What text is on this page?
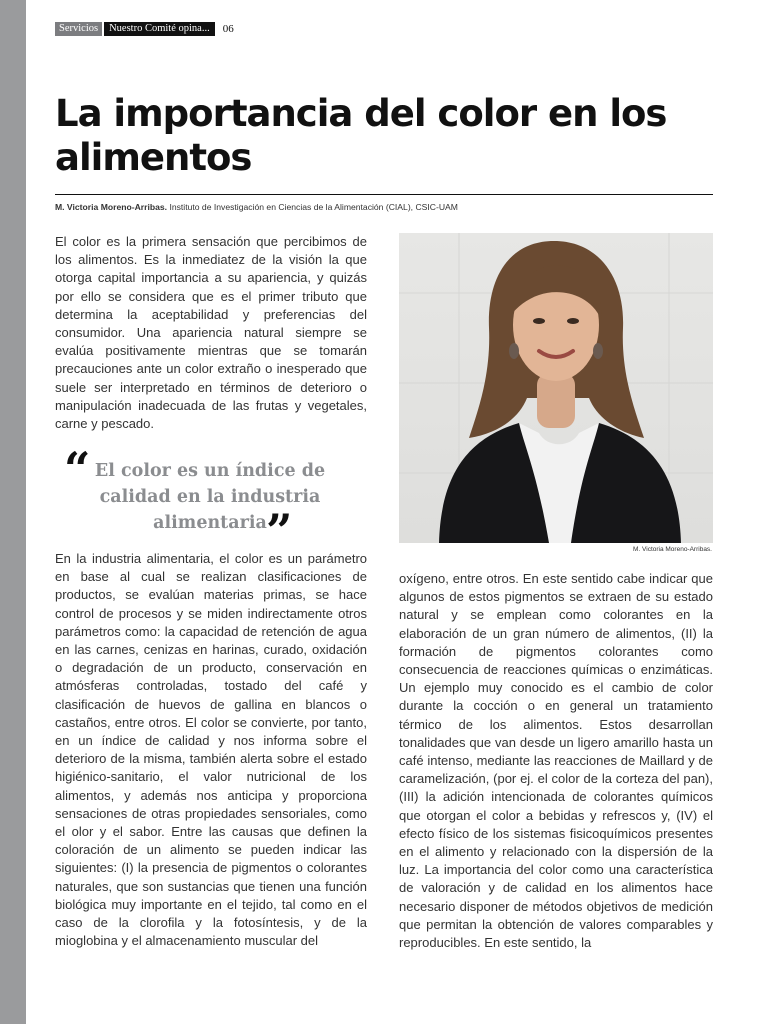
Servicios	Nuestro Comité opina...	06
La importancia del color en los alimentos
M. Victoria Moreno-Arribas. Instituto de Investigación en Ciencias de la Alimentación (CIAL), CSIC-UAM

El color es la primera sensación que percibimos de los alimentos. Es la inmediatez de la visión la que otorga capital importancia a su apariencia, y quizás por ello se considera que es el primer tributo que determina la aceptabilidad y preferencias del consumidor. Una apariencia natural siempre se evalúa positivamente mientras que se tomarán precauciones ante un color extraño o inesperado que suele ser interpretado en términos de deterioro o manipulación inadecuada de las frutas y vegetales, carne y pescado.

“ El color es un índice de calidad en la industria alimentaria ”

En la industria alimentaria, el color es un parámetro en base al cual se realizan clasificaciones de productos, se evalúan materias primas, se hace control de procesos y se miden indirectamente otros parámetros como: la capacidad de retención de agua en las carnes, cenizas en harinas, curado, oxidación o degradación de un producto, conservación en atmósferas controladas, tostado del café y clasificación de huevos de gallina en blancos o castaños, entre otros. El color se convierte, por tanto, en un índice de calidad y nos informa sobre el deterioro de la misma, también alerta sobre el estado higiénico-sanitario, el valor nutricional de los alimentos, y además nos anticipa y proporciona sensaciones de otras propiedades sensoriales, como el olor y el sabor. Entre las causas que definen la coloración de un alimento se pueden indicar las siguientes: (I) la presencia de pigmentos o colorantes naturales, que son sustancias que tienen una función biológica muy importante en el tejido, tal como en el caso de la clorofila y la fotosíntesis, y de la mioglobina y el almacenamiento muscular del

M. Victoria Moreno-Arribas.

oxígeno, entre otros. En este sentido cabe indicar que algunos de estos pigmentos se extraen de su estado natural y se emplean como colorantes en la elaboración de un gran número de alimentos, (II) la formación de pigmentos colorantes como consecuencia de reacciones químicas o enzimáticas. Un ejemplo muy conocido es el cambio de color durante la cocción o en general un tratamiento térmico de los alimentos. Estos desarrollan tonalidades que van desde un ligero amarillo hasta un café intenso, mediante las reacciones de Maillard y de caramelización, (por ej. el color de la corteza del pan), (III) la adición intencionada de colorantes químicos que otorgan el color a bebidas y refrescos y, (IV) el efecto físico de los sistemas fisicoquímicos presentes en el alimento y relacionado con la dispersión de la luz. La importancia del color como una característica de valoración y de calidad en los alimentos hace necesario disponer de métodos objetivos de medición que permitan la obtención de valores comparables y reproducibles. En este sentido, la
